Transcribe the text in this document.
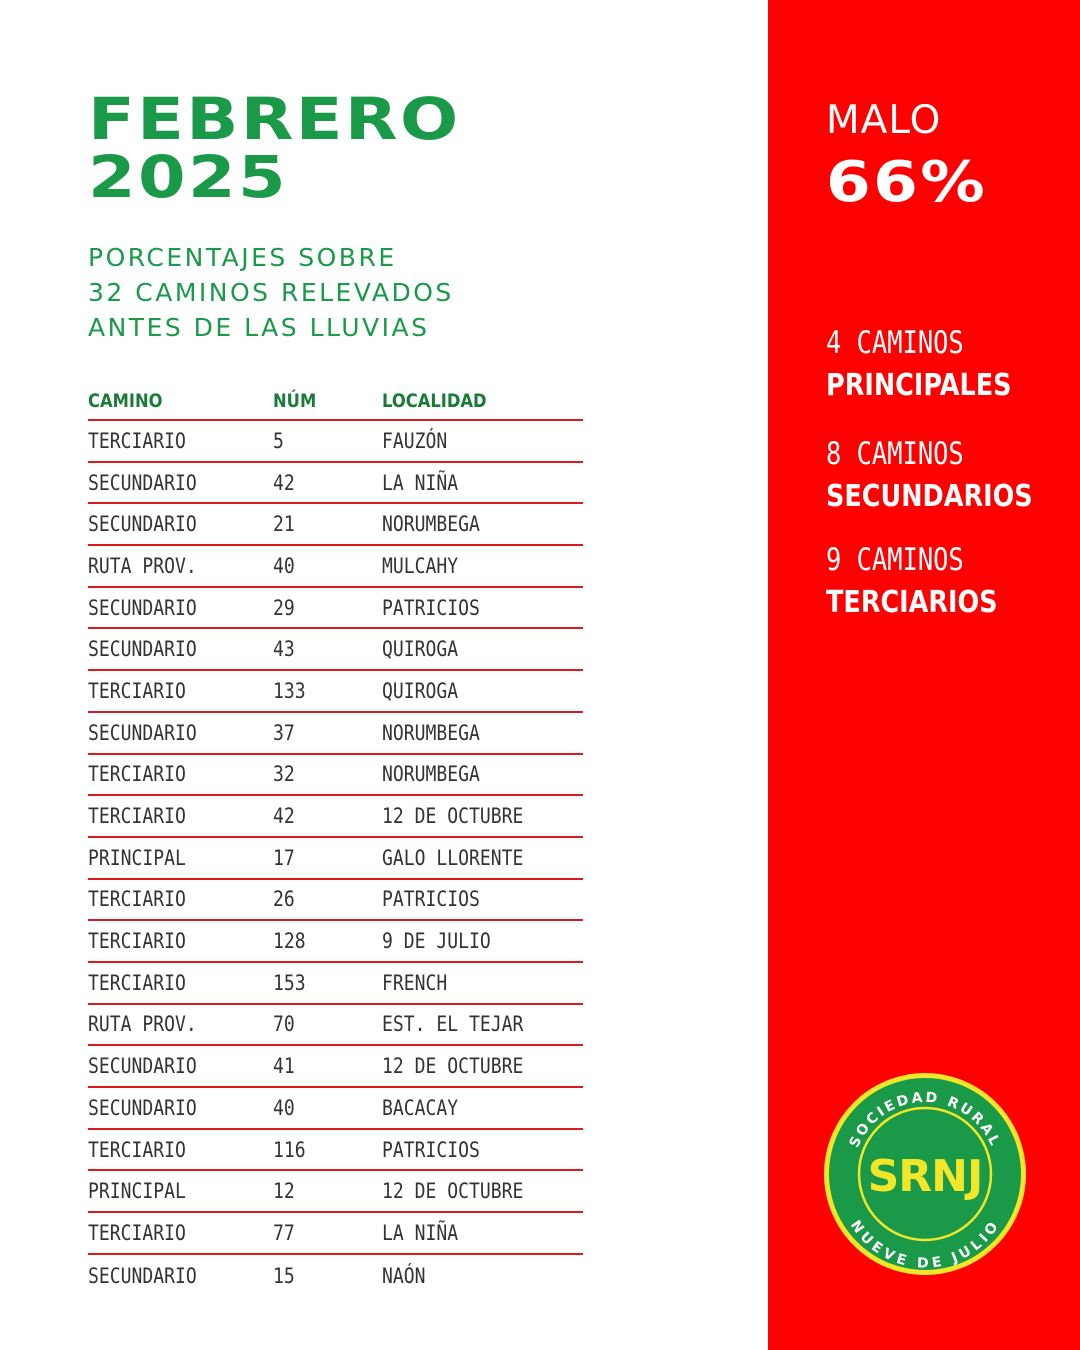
FEBRERO
2025
PORCENTAJES SOBRE
32 CAMINOS RELEVADOS
ANTES DE LAS LLUVIAS
CAMINO	NÚM	LOCALIDAD
TERCIARIO	5	FAUZÓN
SECUNDARIO	42	LA NIÑA
SECUNDARIO	21	NORUMBEGA
RUTA PROV.	40	MULCAHY
SECUNDARIO	29	PATRICIOS
SECUNDARIO	43	QUIROGA
TERCIARIO	133	QUIROGA
SECUNDARIO	37	NORUMBEGA
TERCIARIO	32	NORUMBEGA
TERCIARIO	42	12 DE OCTUBRE
PRINCIPAL	17	GALO LLORENTE
TERCIARIO	26	PATRICIOS
TERCIARIO	128	9 DE JULIO
TERCIARIO	153	FRENCH
RUTA PROV.	70	EST. EL TEJAR
SECUNDARIO	41	12 DE OCTUBRE
SECUNDARIO	40	BACACAY
TERCIARIO	116	PATRICIOS
PRINCIPAL	12	12 DE OCTUBRE
TERCIARIO	77	LA NIÑA
SECUNDARIO	15	NAÓN
MALO
66%
4 CAMINOS
PRINCIPALES
8 CAMINOS
SECUNDARIOS
9 CAMINOS
TERCIARIOS
SOCIEDAD RURAL
NUEVE DE JULIO
SRNJ
